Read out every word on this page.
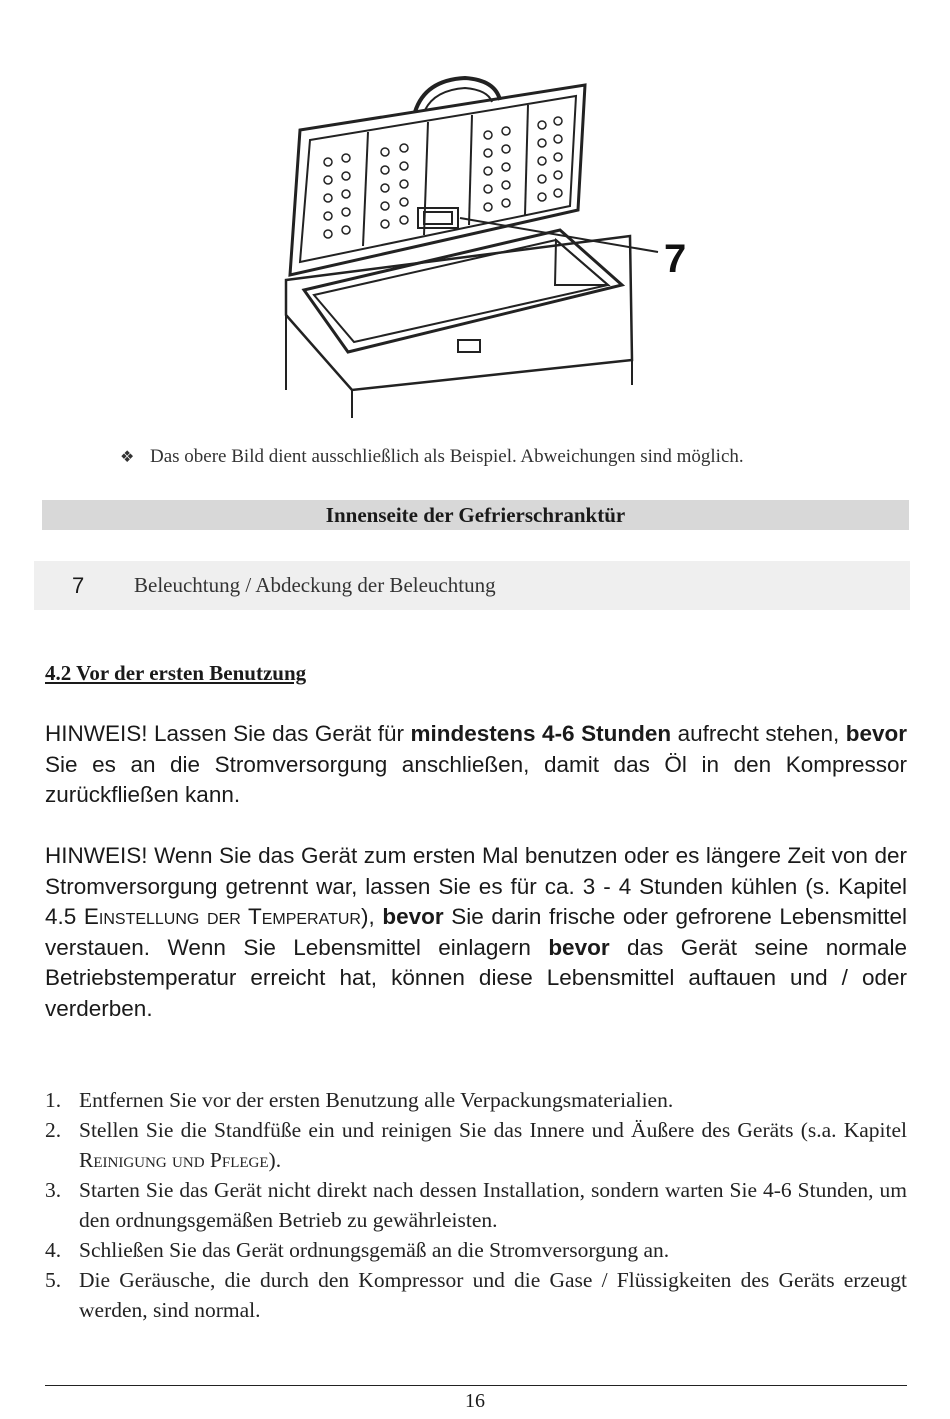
7
❖ Das obere Bild dient ausschließlich als Beispiel. Abweichungen sind möglich.
Innenseite der Gefrierschranktür
7 Beleuchtung / Abdeckung der Beleuchtung
4.2 Vor der ersten Benutzung

HINWEIS! Lassen Sie das Gerät für mindestens 4-6 Stunden aufrecht stehen, bevor Sie es an die Stromversorgung anschließen, damit das Öl in den Kompressor zurückfließen kann.

HINWEIS! Wenn Sie das Gerät zum ersten Mal benutzen oder es längere Zeit von der Stromversorgung getrennt war, lassen Sie es für ca. 3 - 4 Stunden kühlen (s. Kapitel 4.5 Einstellung der Temperatur), bevor Sie darin frische oder gefrorene Lebensmittel verstauen. Wenn Sie Lebensmittel einlagern bevor das Gerät seine normale Betriebstemperatur erreicht hat, können diese Lebensmittel auftauen und / oder verderben.

1. Entfernen Sie vor der ersten Benutzung alle Verpackungsmaterialien.
2. Stellen Sie die Standfüße ein und reinigen Sie das Innere und Äußere des Geräts (s.a. Kapitel Reinigung und Pflege).
3. Starten Sie das Gerät nicht direkt nach dessen Installation, sondern warten Sie 4-6 Stunden, um den ordnungsgemäßen Betrieb zu gewährleisten.
4. Schließen Sie das Gerät ordnungsgemäß an die Stromversorgung an.
5. Die Geräusche, die durch den Kompressor und die Gase / Flüssigkeiten des Geräts erzeugt werden, sind normal.
16
